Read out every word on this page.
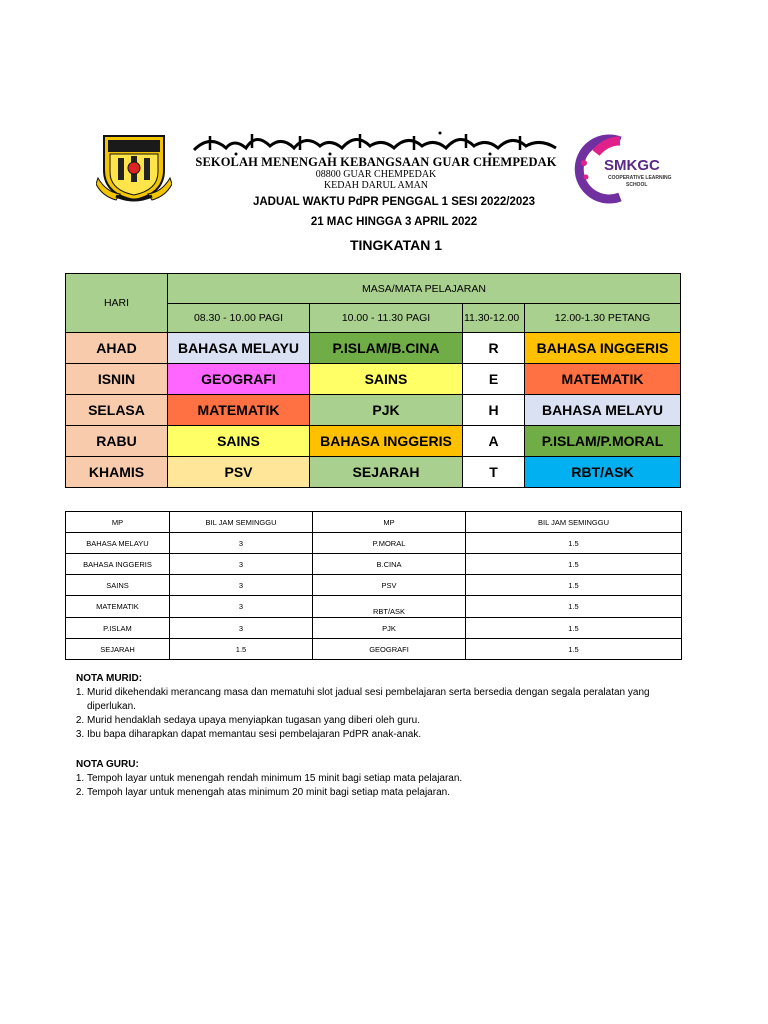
SEKOLAH MENENGAH KEBANGSAAN GUAR CHEMPEDAK
08800 GUAR CHEMPEDAK
KEDAH DARUL AMAN
SMKGC
COOPERATIVE LEARNING
SCHOOL
JADUAL WAKTU PdPR PENGGAL 1 SESI 2022/2023
21 MAC HINGGA 3 APRIL 2022
TINGKATAN 1
HARI	MASA/MATA PELAJARAN			
	08.30 - 10.00 PAGI	10.00 - 11.30 PAGI	11.30-12.00	12.00-1.30 PETANG
AHAD	BAHASA MELAYU	P.ISLAM/B.CINA	R	BAHASA INGGERIS
ISNIN	GEOGRAFI	SAINS	E	MATEMATIK
SELASA	MATEMATIK	PJK	H	BAHASA MELAYU
RABU	SAINS	BAHASA INGGERIS	A	P.ISLAM/P.MORAL
KHAMIS	PSV	SEJARAH	T	RBT/ASK
MP	BIL JAM SEMINGGU	MP	BIL JAM SEMINGGU
BAHASA MELAYU	3	P.MORAL	1.5
BAHASA INGGERIS	3	B.CINA	1.5
SAINS	3	PSV	1.5
MATEMATIK	3	RBT/ASK	1.5
P.ISLAM	3	PJK	1.5
SEJARAH	1.5	GEOGRAFI	1.5
NOTA MURID:
1. Murid dikehendaki merancang masa dan mematuhi slot jadual sesi pembelajaran serta bersedia dengan segala peralatan yang diperlukan.
2. Murid hendaklah sedaya upaya menyiapkan tugasan yang diberi oleh guru.
3. Ibu bapa diharapkan dapat memantau sesi pembelajaran PdPR anak-anak.
NOTA GURU:
1. Tempoh layar untuk menengah rendah minimum 15 minit bagi setiap mata pelajaran.
2. Tempoh layar untuk menengah atas minimum 20 minit bagi setiap mata pelajaran.
